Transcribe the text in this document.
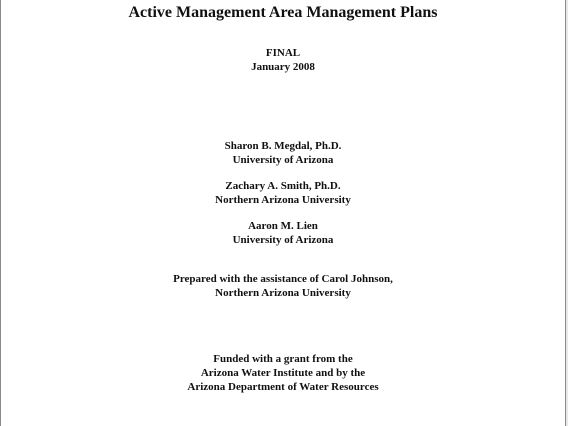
Active Management Area Management Plans
FINAL
January 2008
Sharon B. Megdal, Ph.D.
University of Arizona
Zachary A. Smith, Ph.D.
Northern Arizona University
Aaron M. Lien
University of Arizona
Prepared with the assistance of Carol Johnson,
Northern Arizona University
Funded with a grant from the
Arizona Water Institute and by the
Arizona Department of Water Resources
